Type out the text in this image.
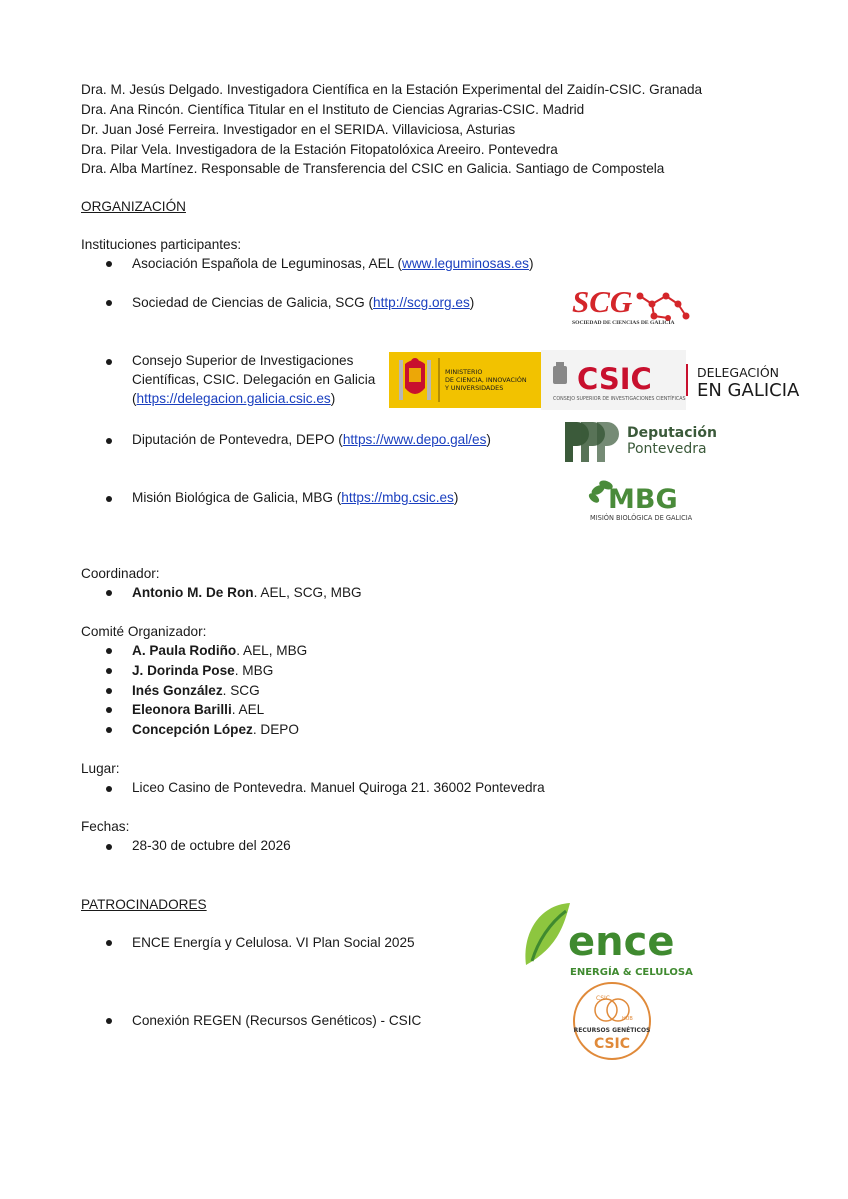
Dra. M. Jesús Delgado. Investigadora Científica en la Estación Experimental del Zaidín-CSIC. Granada
Dra. Ana Rincón. Científica Titular en el Instituto de Ciencias Agrarias-CSIC. Madrid
Dr. Juan José Ferreira. Investigador en el SERIDA. Villaviciosa, Asturias
Dra. Pilar Vela. Investigadora de la Estación Fitopatolóxica Areeiro. Pontevedra
Dra. Alba Martínez. Responsable de Transferencia del CSIC en Galicia. Santiago de Compostela
ORGANIZACIÓN
Instituciones participantes:
Asociación Española de Leguminosas, AEL (www.leguminosas.es)
Sociedad de Ciencias de Galicia, SCG (http://scg.org.es)
Consejo Superior de Investigaciones
Científicas, CSIC. Delegación en Galicia
(https://delegacion.galicia.csic.es)
Diputación de Pontevedra, DEPO (https://www.depo.gal/es)
Misión Biológica de Galicia, MBG (https://mbg.csic.es)
Coordinador:
Antonio M. De Ron. AEL, SCG, MBG
Comité Organizador:
A. Paula Rodiño. AEL, MBG
J. Dorinda Pose. MBG
Inés González. SCG
Eleonora Barilli. AEL
Concepción López. DEPO
Lugar:
Liceo Casino de Pontevedra. Manuel Quiroga 21. 36002 Pontevedra
Fechas:
28-30 de octubre del 2026
PATROCINADORES
ENCE Energía y Celulosa. VI Plan Social 2025
Conexión REGEN (Recursos Genéticos) - CSIC
SCG
SOCIEDAD DE CIENCIAS DE GALICIA
MINISTERIO
DE CIENCIA, INNOVACIÓN
Y UNIVERSIDADES	CSIC
CONSEJO SUPERIOR DE INVESTIGACIONES CIENTÍFICAS
DELEGACIÓN
EN GALICIA
Deputación
Pontevedra
MBG
MISIÓN BIOLÓGICA DE GALICIA
ence
ENERGÍA & CELULOSA
CSIC
HUB
RECURSOS GENÉTICOS
CSIC
